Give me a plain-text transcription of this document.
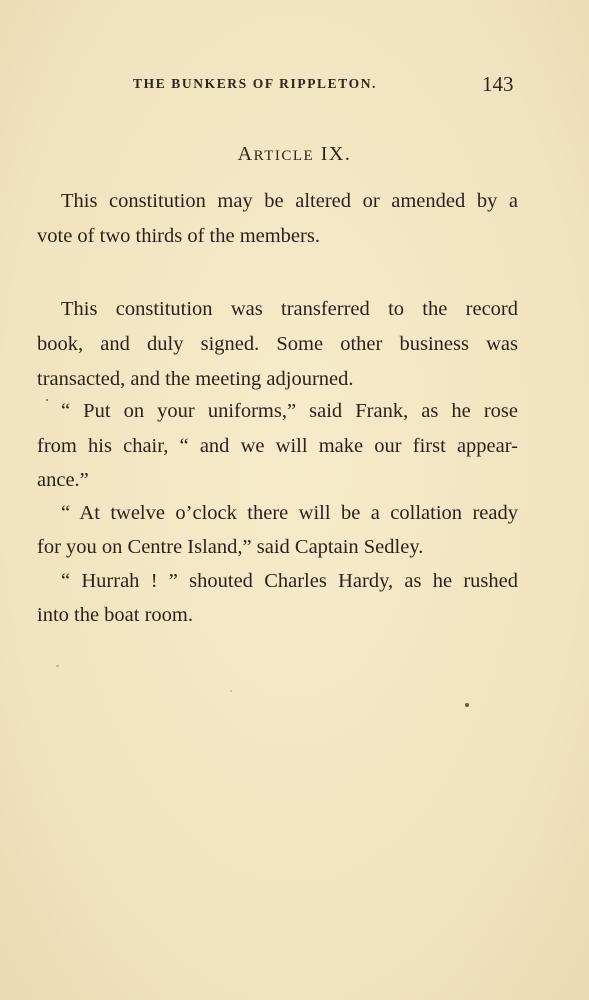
THE BUNKERS OF RIPPLETON.	143
ARTICLE IX.
This constitution may be altered or amended by a
vote of two thirds of the members.
This constitution was transferred to the record
book, and duly signed. Some other business was
transacted, and the meeting adjourned.
“ Put on your uniforms,” said Frank, as he rose
from his chair, “ and we will make our first appear-
ance.”
“ At twelve o’clock there will be a collation ready
for you on Centre Island,” said Captain Sedley.
“ Hurrah ! ” shouted Charles Hardy, as he rushed
into the boat room.
